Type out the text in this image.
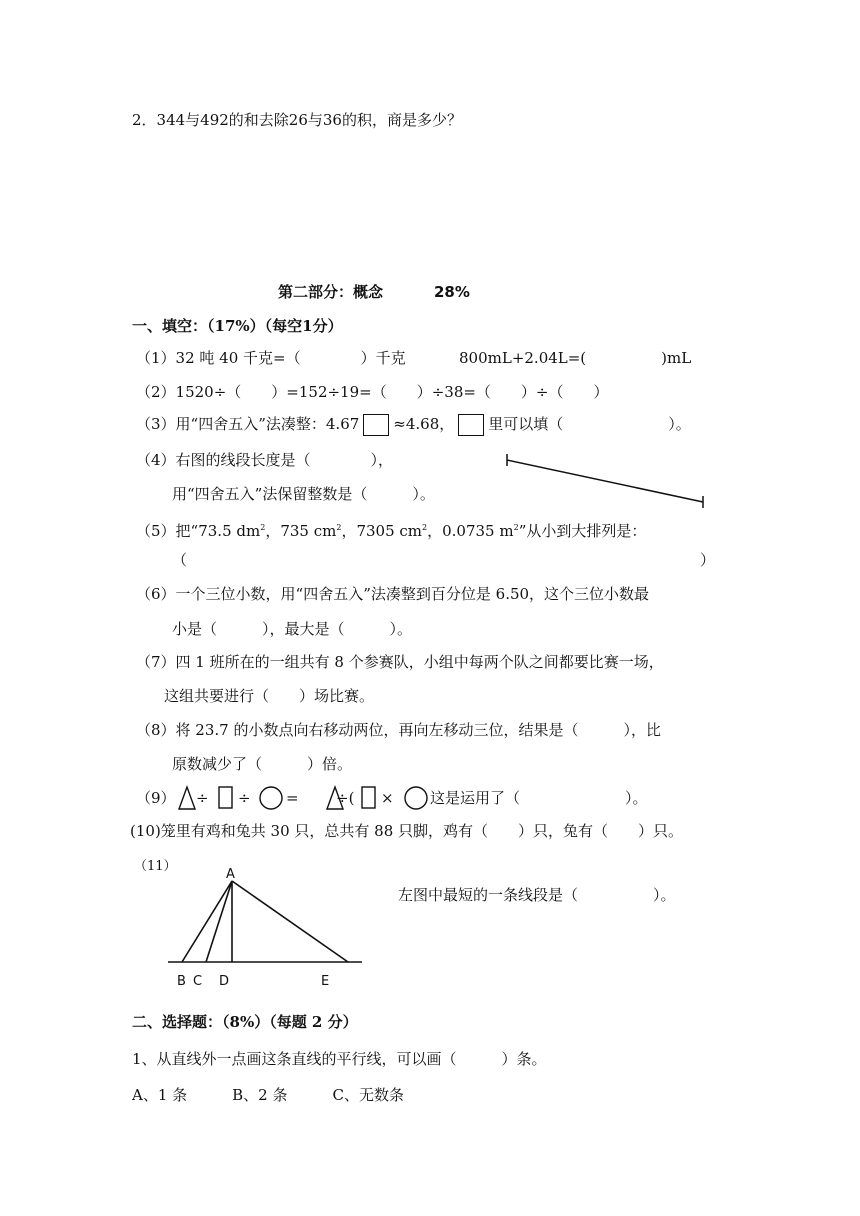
2．344与492的和去除26与36的积，商是多少？
第二部分：概念	28%
一、填空：（17%）（每空1分）
（1）32 吨 40 千克=（　　　　）千克	800mL+2.04L=(　　　　　)mL
（2）1520÷（　　）=152÷19=（　　）÷38=（　　）÷（　　）
（3）用“四舍五入”法凑整：4.67 ≈4.68， 里可以填（　　　　　　　）。
（4）右图的线段长度是（　　　　），
用“四舍五入”法保留整数是（　　　）。
（5）把“73.5 $dm^2$，735 $cm^2$，7305 $cm^2$，0.0735 $m^2$”从小到大排列是：
（	）
（6）一个三位小数，用“四舍五入”法凑整到百分位是 6.50，这个三位小数最
小是（　　　），最大是（　　　）。
（7）四 1 班所在的一组共有 8 个参赛队，小组中每两个队之间都要比赛一场，
这组共要进行（　　）场比赛。
（8）将 23.7 的小数点向右移动两位，再向左移动三位，结果是（　　　），比
原数减少了（　　　）倍。
（9） ÷ ÷ = ÷( × 这是运用了（　　　　　　　）。
(10)笼里有鸡和兔共 30 只，总共有 88 只脚，鸡有（　　）只，兔有（　　）只。
（11）
A
B C D	E
左图中最短的一条线段是（　　　　　）。
二、选择题：（8%）（每题 2 分）
1、从直线外一点画这条直线的平行线，可以画（　　　）条。
A、1 条　　　B、2 条　　　C、无数条
